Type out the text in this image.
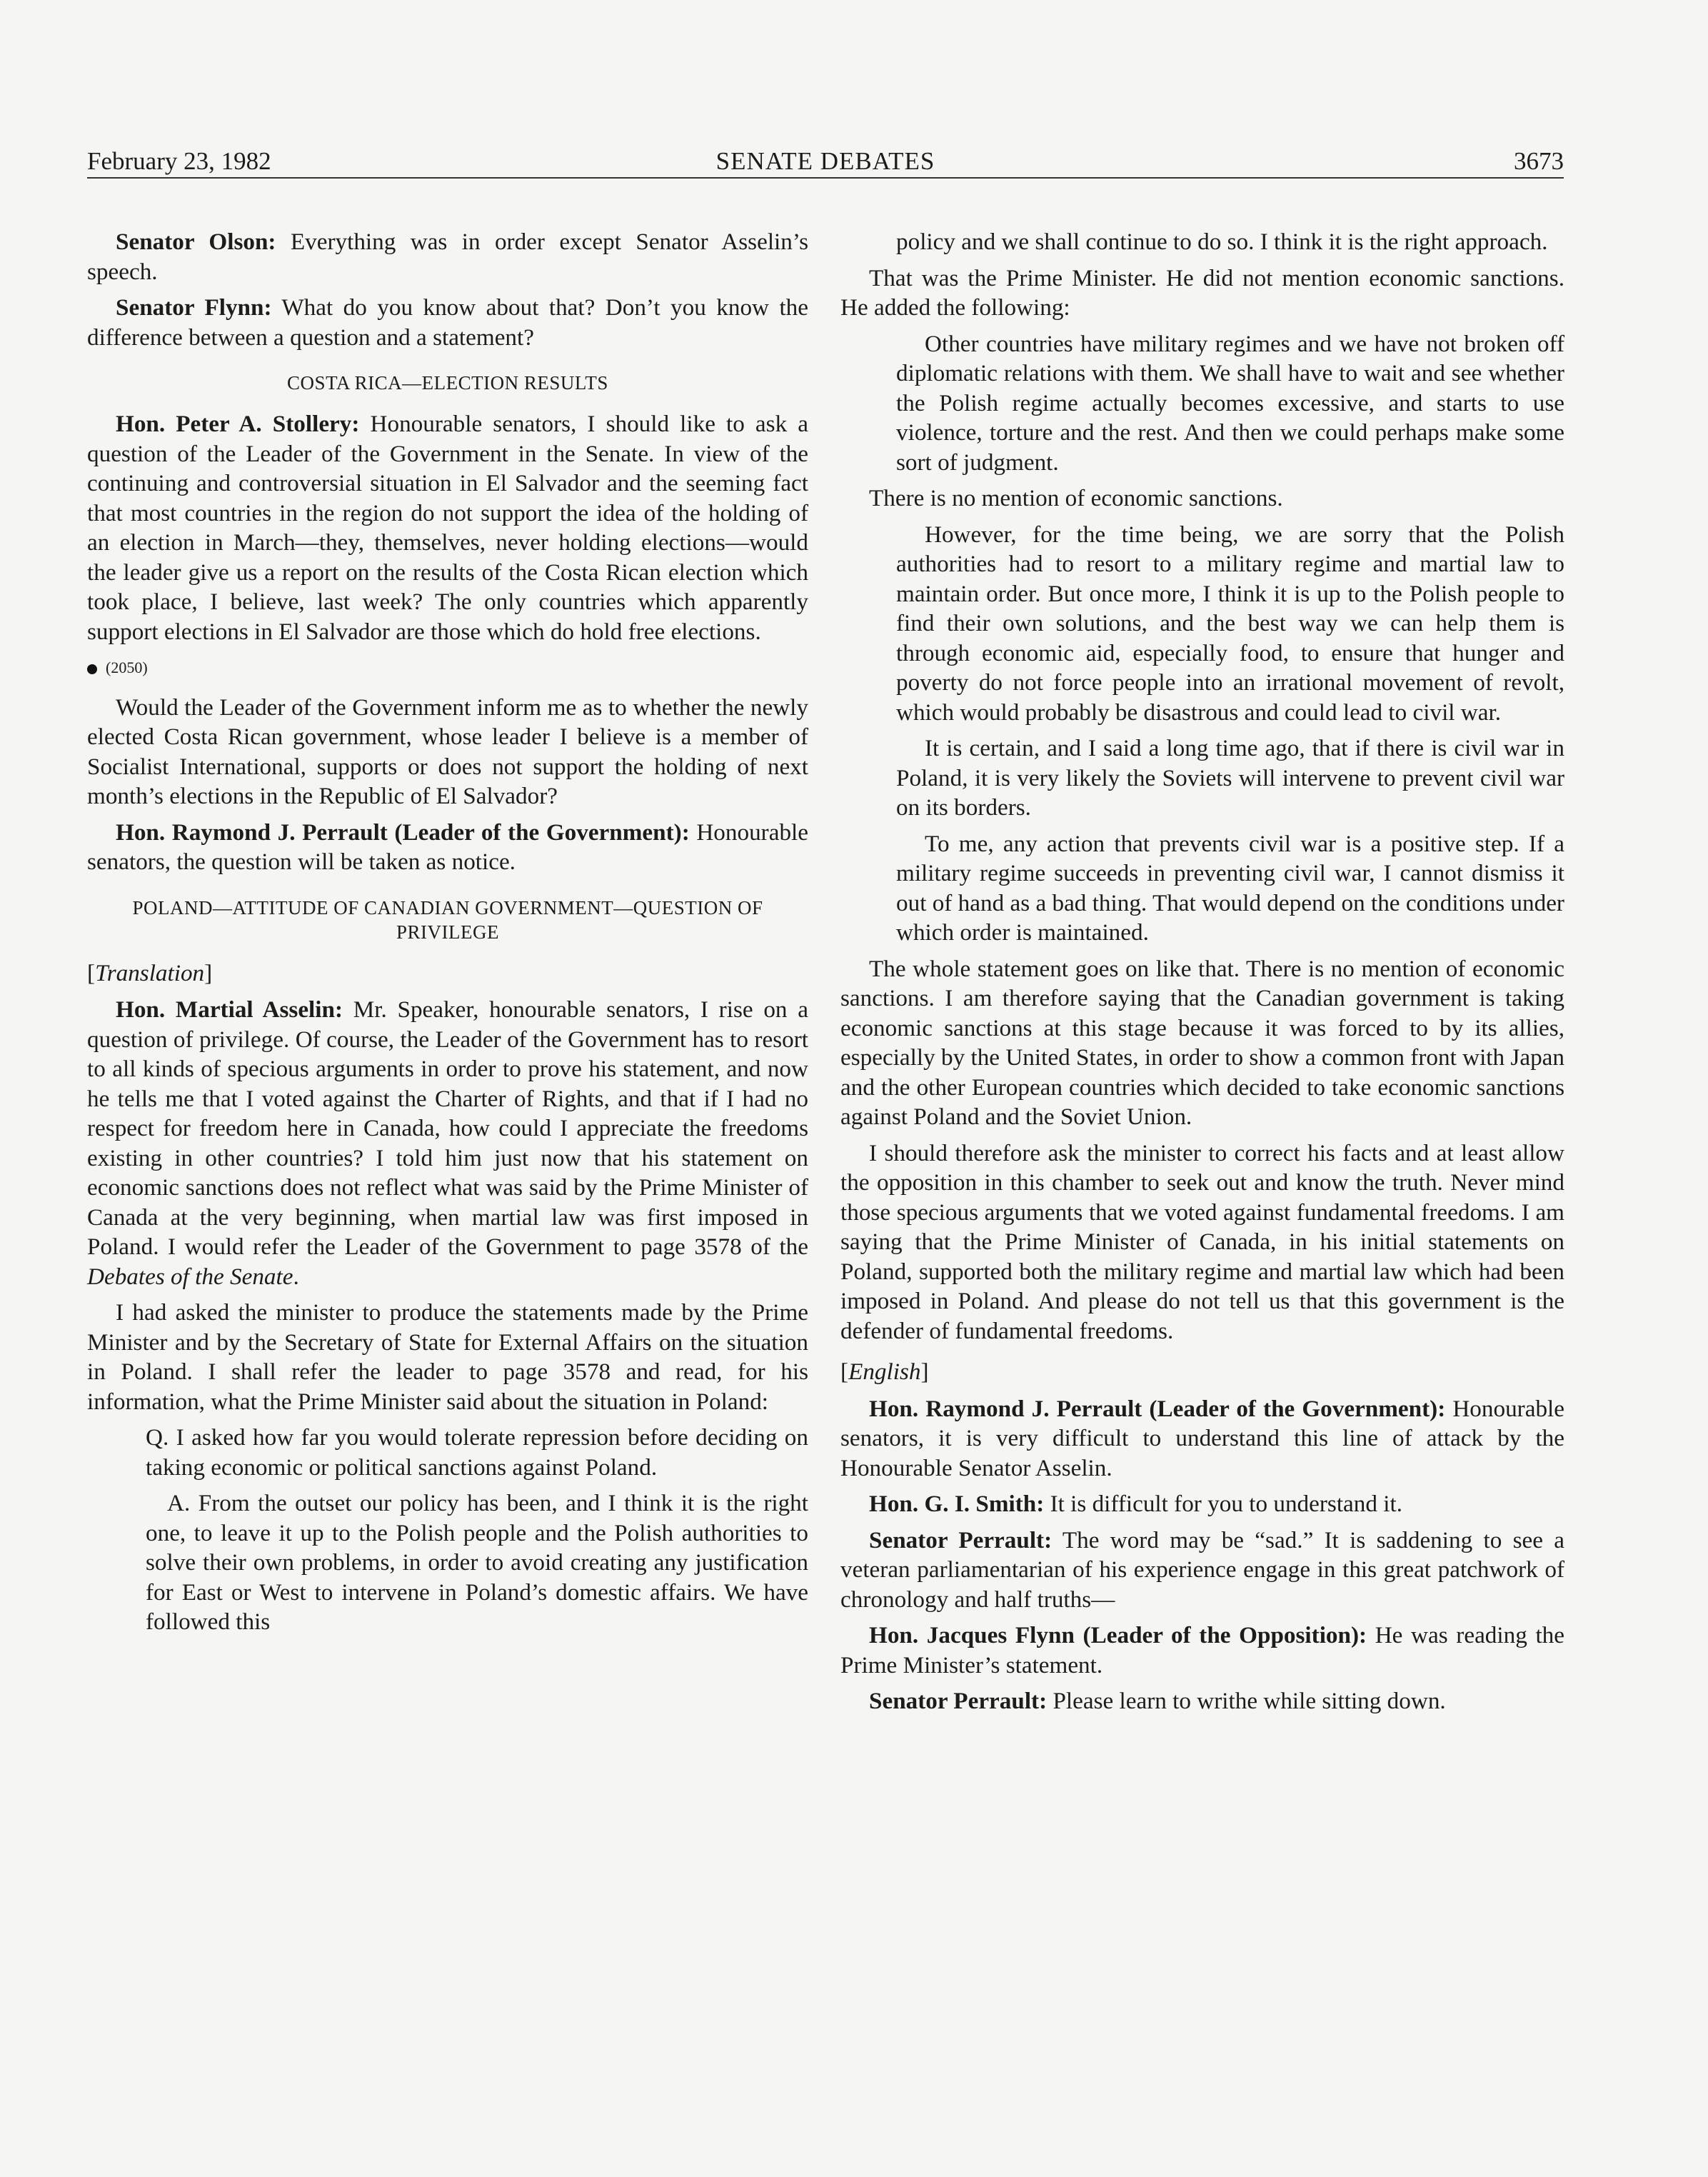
February 23, 1982	SENATE DEBATES	3673

Senator Olson: Everything was in order except Senator Asselin’s speech.

Senator Flynn: What do you know about that? Don’t you know the difference between a question and a statement?

COSTA RICA—ELECTION RESULTS

Hon. Peter A. Stollery: Honourable senators, I should like to ask a question of the Leader of the Government in the Senate. In view of the continuing and controversial situation in El Salvador and the seeming fact that most countries in the region do not support the idea of the holding of an election in March—they, themselves, never holding elections—would the leader give us a report on the results of the Costa Rican election which took place, I believe, last week? The only countries which apparently support elections in El Salvador are those which do hold free elections.

(2050)

Would the Leader of the Government inform me as to whether the newly elected Costa Rican government, whose leader I believe is a member of Socialist International, supports or does not support the holding of next month’s elections in the Republic of El Salvador?

Hon. Raymond J. Perrault (Leader of the Government): Honourable senators, the question will be taken as notice.

POLAND—ATTITUDE OF CANADIAN GOVERNMENT—QUESTION OF PRIVILEGE
[Translation]

Hon. Martial Asselin: Mr. Speaker, honourable senators, I rise on a question of privilege. Of course, the Leader of the Government has to resort to all kinds of specious arguments in order to prove his statement, and now he tells me that I voted against the Charter of Rights, and that if I had no respect for freedom here in Canada, how could I appreciate the freedoms existing in other countries? I told him just now that his statement on economic sanctions does not reflect what was said by the Prime Minister of Canada at the very beginning, when martial law was first imposed in Poland. I would refer the Leader of the Government to page 3578 of the Debates of the Senate.

I had asked the minister to produce the statements made by the Prime Minister and by the Secretary of State for External Affairs on the situation in Poland. I shall refer the leader to page 3578 and read, for his information, what the Prime Minister said about the situation in Poland:

Q. I asked how far you would tolerate repression before deciding on taking economic or political sanctions against Poland.
A. From the outset our policy has been, and I think it is the right one, to leave it up to the Polish people and the Polish authorities to solve their own problems, in order to avoid creating any justification for East or West to intervene in Poland’s domestic affairs. We have followed this
policy and we shall continue to do so. I think it is the right approach.

That was the Prime Minister. He did not mention economic sanctions. He added the following:

Other countries have military regimes and we have not broken off diplomatic relations with them. We shall have to wait and see whether the Polish regime actually becomes excessive, and starts to use violence, torture and the rest. And then we could perhaps make some sort of judgment.

There is no mention of economic sanctions.

However, for the time being, we are sorry that the Polish authorities had to resort to a military regime and martial law to maintain order. But once more, I think it is up to the Polish people to find their own solutions, and the best way we can help them is through economic aid, especially food, to ensure that hunger and poverty do not force people into an irrational movement of revolt, which would probably be disastrous and could lead to civil war.
It is certain, and I said a long time ago, that if there is civil war in Poland, it is very likely the Soviets will intervene to prevent civil war on its borders.
To me, any action that prevents civil war is a positive step. If a military regime succeeds in preventing civil war, I cannot dismiss it out of hand as a bad thing. That would depend on the conditions under which order is maintained.

The whole statement goes on like that. There is no mention of economic sanctions. I am therefore saying that the Canadian government is taking economic sanctions at this stage because it was forced to by its allies, especially by the United States, in order to show a common front with Japan and the other European countries which decided to take economic sanctions against Poland and the Soviet Union.

I should therefore ask the minister to correct his facts and at least allow the opposition in this chamber to seek out and know the truth. Never mind those specious arguments that we voted against fundamental freedoms. I am saying that the Prime Minister of Canada, in his initial statements on Poland, supported both the military regime and martial law which had been imposed in Poland. And please do not tell us that this government is the defender of fundamental freedoms.

[English]

Hon. Raymond J. Perrault (Leader of the Government): Honourable senators, it is very difficult to understand this line of attack by the Honourable Senator Asselin.

Hon. G. I. Smith: It is difficult for you to understand it.

Senator Perrault: The word may be “sad.” It is saddening to see a veteran parliamentarian of his experience engage in this great patchwork of chronology and half truths—

Hon. Jacques Flynn (Leader of the Opposition): He was reading the Prime Minister’s statement.

Senator Perrault: Please learn to writhe while sitting down.
